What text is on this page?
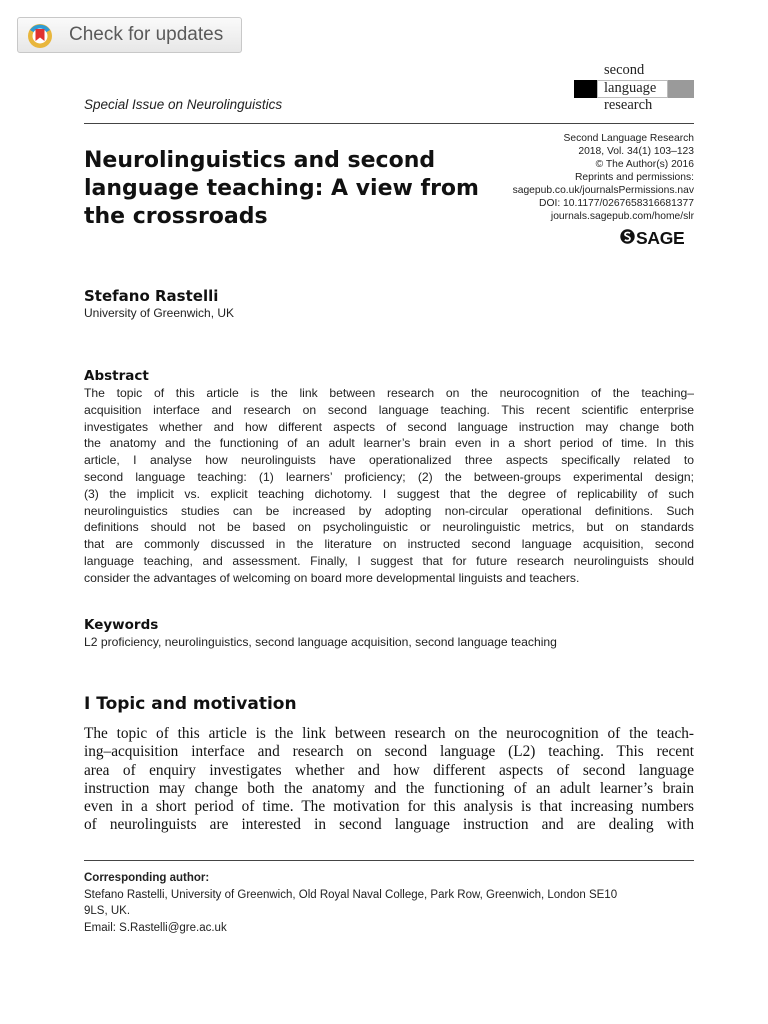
Check for updates
second
language
research
Special Issue on Neurolinguistics
Second Language Research
2018, Vol. 34(1) 103–123
© The Author(s) 2016
Reprints and permissions:
sagepub.co.uk/journalsPermissions.nav
DOI: 10.1177/0267658316681377
journals.sagepub.com/home/slr
SAGE
Neurolinguistics and second
language teaching: A view from
the crossroads
Stefano Rastelli
University of Greenwich, UK
Abstract
The topic of this article is the link between research on the neurocognition of the teaching–
acquisition interface and research on second language teaching. This recent scientific enterprise
investigates whether and how different aspects of second language instruction may change both
the anatomy and the functioning of an adult learner’s brain even in a short period of time. In this
article, I analyse how neurolinguists have operationalized three aspects specifically related to
second language teaching: (1) learners’ proficiency; (2) the between-groups experimental design;
(3) the implicit vs. explicit teaching dichotomy. I suggest that the degree of replicability of such
neurolinguistics studies can be increased by adopting non-circular operational definitions. Such
definitions should not be based on psycholinguistic or neurolinguistic metrics, but on standards
that are commonly discussed in the literature on instructed second language acquisition, second
language teaching, and assessment. Finally, I suggest that for future research neurolinguists should
consider the advantages of welcoming on board more developmental linguists and teachers.
Keywords
L2 proficiency, neurolinguistics, second language acquisition, second language teaching
I Topic and motivation
The topic of this article is the link between research on the neurocognition of the teach-
ing–acquisition interface and research on second language (L2) teaching. This recent
area of enquiry investigates whether and how different aspects of second language
instruction may change both the anatomy and the functioning of an adult learner’s brain
even in a short period of time. The motivation for this analysis is that increasing numbers
of neurolinguists are interested in second language instruction and are dealing with
Corresponding author:
Stefano Rastelli, University of Greenwich, Old Royal Naval College, Park Row, Greenwich, London SE10
9LS, UK.
Email: S.Rastelli@gre.ac.uk
